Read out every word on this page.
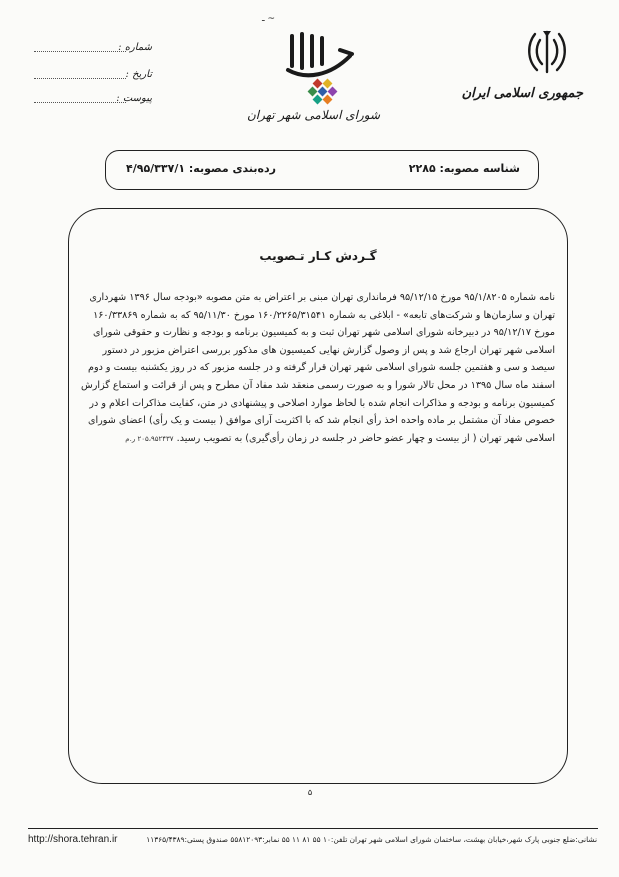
ـ ~
جمهوری اسلامی ایران
شورای اسلامی شهر تهران
شماره :
تاریخ :
پیوست :
شناسه مصوبه: ۲۲۸۵
رده‌بندی مصوبه: ۴/۹۵/۳۳۷/۱
گـردش کـار تـصويب

نامه شماره ۹۵/۱/۸۲۰۵ مورخ ۹۵/۱۲/۱۵ فرمانداری تهران مبنی بر اعتراض به متن مصوبه «بودجه سال ۱۳۹۶ شهرداری تهران و سازمان‌ها و شرکت‌های تابعه» - ابلاغی به شماره ۱۶۰/۲۲۶۵/۳۱۵۴۱ مورخ ۹۵/۱۱/۳۰ که به شماره ۱۶۰/۳۳۸۶۹ مورخ ۹۵/۱۲/۱۷ در دبیرخانه شورای اسلامی شهر تهران ثبت و به کمیسیون برنامه و بودجه و نظارت و حقوقی شورای اسلامی شهر تهران ارجاع شد و پس از وصول گزارش نهایی کمیسیون های مذکور بررسی اعتراض مزبور در دستور سیصد و سی و هفتمین جلسه شورای اسلامی شهر تهران قرار گرفته و در جلسه مزبور که در روز یکشنبه بیست و دوم اسفند ماه سال ۱۳۹۵ در محل تالار شورا و به صورت رسمی منعقد شد مفاد آن مطرح و پس از قرائت و استماع گزارش کمیسیون برنامه و بودجه و مذاکرات انجام شده با لحاظ موارد اصلاحی و پیشنهادی در متن، کفایت مذاکرات اعلام و در خصوص مفاد آن مشتمل بر ماده واحده اخذ رأی انجام شد که با اکثریت آرای موافق ( بیست و یک رأی) اعضای شورای اسلامی شهر تهران ( از بیست و چهار عضو حاضر در جلسه در زمان رأی‌گیری) به تصویب رسید. ۲۰۵،۹۵۲۴۳۷ ر.م

۵
نشانی:ضلع جنوبی پارک شهر،خیابان بهشت، ساختمان شورای اسلامی شهر تهران تلفن:۱۰ ۵۵ ۸۱ ۱۱ ۵۵ نمابر:۵۵۸۱۲۰۹۳ صندوق پستی:۱۱۳۶۵/۴۳۸۹
http://shora.tehran.ir
